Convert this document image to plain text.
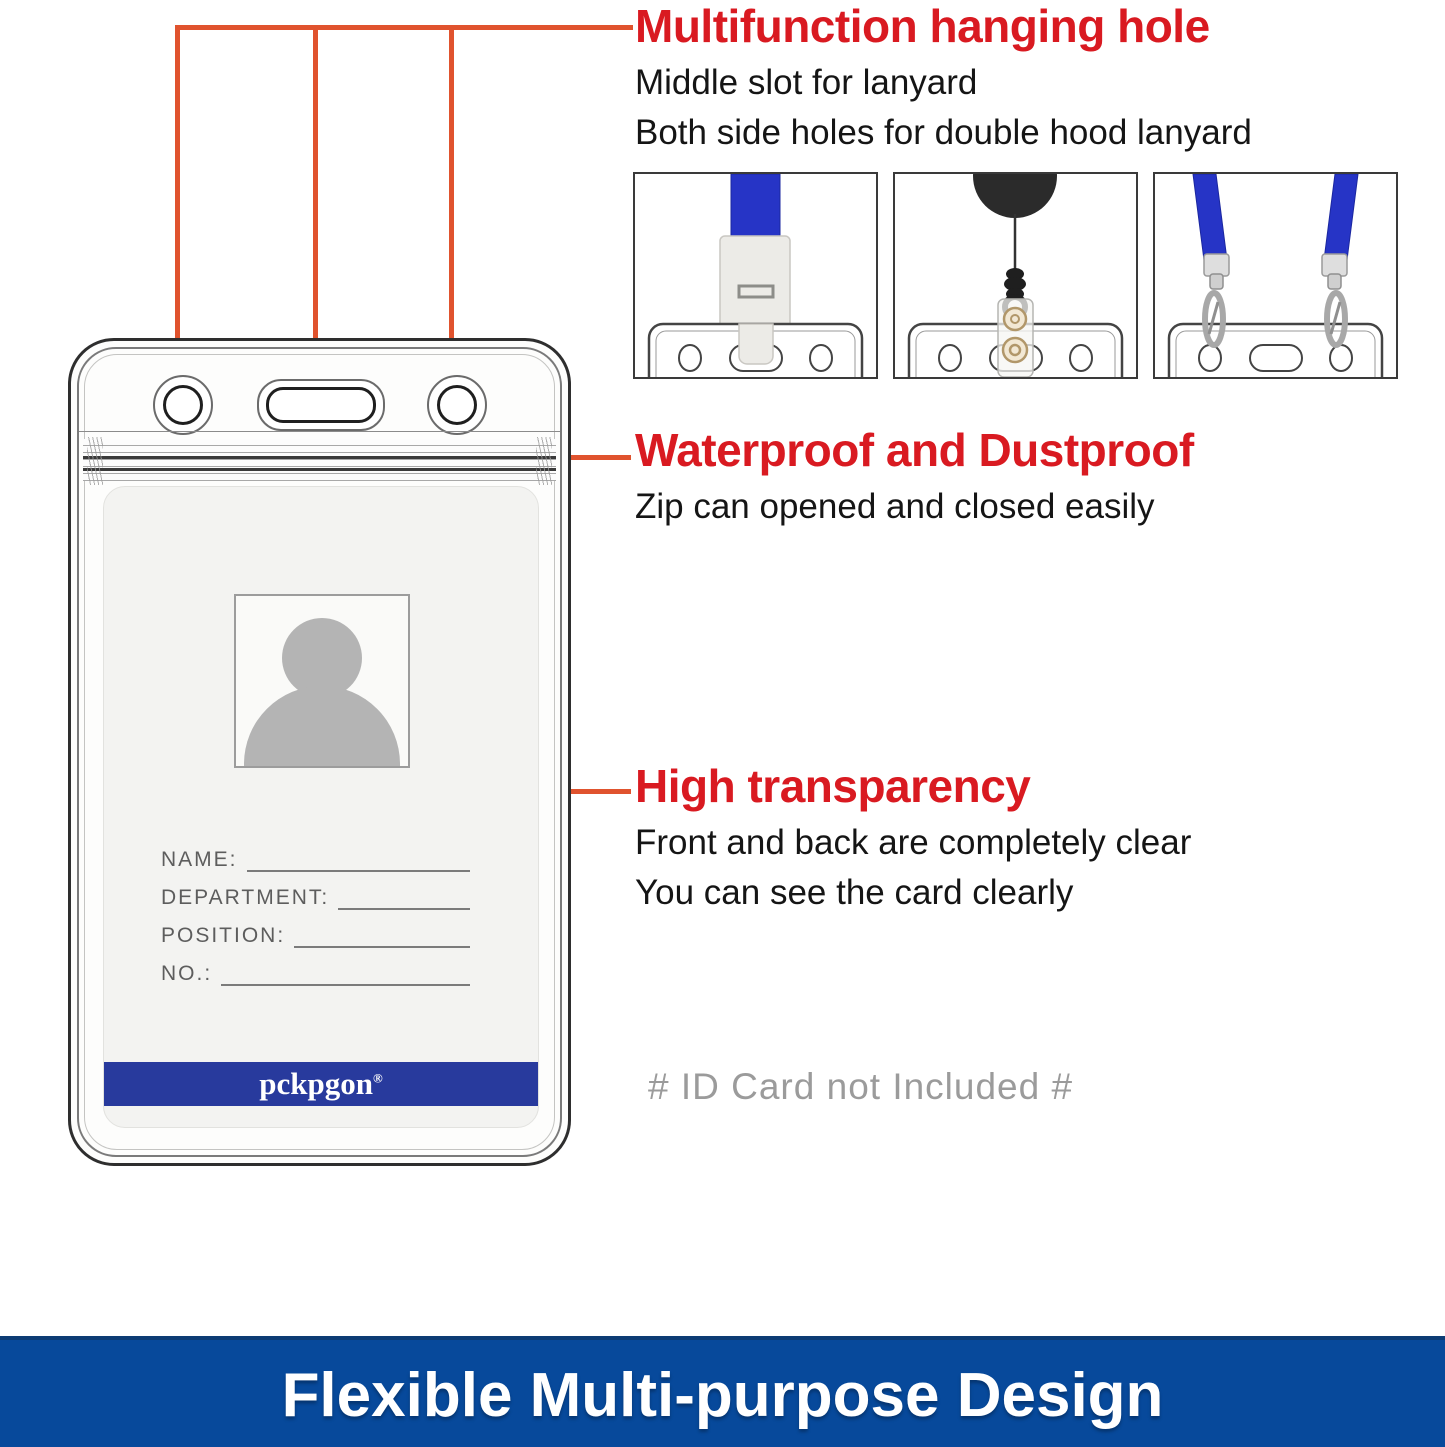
NAME:
DEPARTMENT:
POSITION:
NO.:
pckpgon®
Multifunction hanging hole
Middle slot for lanyard
Both side holes for double hood lanyard
Waterproof and Dustproof
Zip can opened and closed easily
High transparency
Front and back are completely clear
You can see the card clearly
# ID Card not Included #
Flexible Multi-purpose Design
